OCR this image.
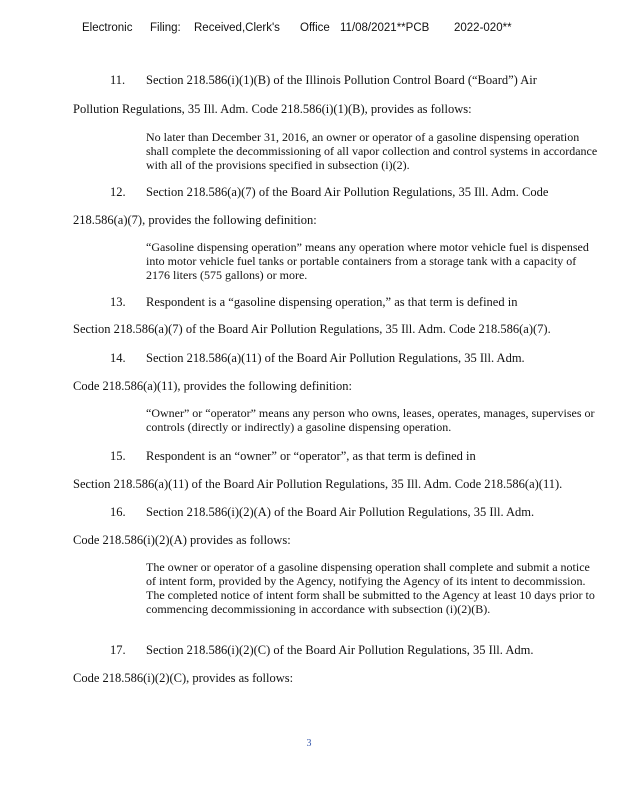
Electronic Filing: Received,Clerk's Office 11/08/2021**PCB 2022-020**
11. Section 218.586(i)(1)(B) of the Illinois Pollution Control Board (“Board”) Air
Pollution Regulations, 35 Ill. Adm. Code 218.586(i)(1)(B), provides as follows:
No later than December 31, 2016, an owner or operator of a gasoline dispensing operation shall complete the decommissioning of all vapor collection and control systems in accordance with all of the provisions specified in subsection (i)(2).
12. Section 218.586(a)(7) of the Board Air Pollution Regulations, 35 Ill. Adm. Code
218.586(a)(7), provides the following definition:
“Gasoline dispensing operation” means any operation where motor vehicle fuel is dispensed into motor vehicle fuel tanks or portable containers from a storage tank with a capacity of 2176 liters (575 gallons) or more.
13. Respondent is a “gasoline dispensing operation,” as that term is defined in
Section 218.586(a)(7) of the Board Air Pollution Regulations, 35 Ill. Adm. Code 218.586(a)(7).
14. Section 218.586(a)(11) of the Board Air Pollution Regulations, 35 Ill. Adm.
Code 218.586(a)(11), provides the following definition:
“Owner” or “operator” means any person who owns, leases, operates, manages, supervises or controls (directly or indirectly) a gasoline dispensing operation.
15. Respondent is an “owner” or “operator”, as that term is defined in
Section 218.586(a)(11) of the Board Air Pollution Regulations, 35 Ill. Adm. Code 218.586(a)(11).
16. Section 218.586(i)(2)(A) of the Board Air Pollution Regulations, 35 Ill. Adm.
Code 218.586(i)(2)(A) provides as follows:
The owner or operator of a gasoline dispensing operation shall complete and submit a notice of intent form, provided by the Agency, notifying the Agency of its intent to decommission. The completed notice of intent form shall be submitted to the Agency at least 10 days prior to commencing decommissioning in accordance with subsection (i)(2)(B).
17. Section 218.586(i)(2)(C) of the Board Air Pollution Regulations, 35 Ill. Adm.
Code 218.586(i)(2)(C), provides as follows:
3
